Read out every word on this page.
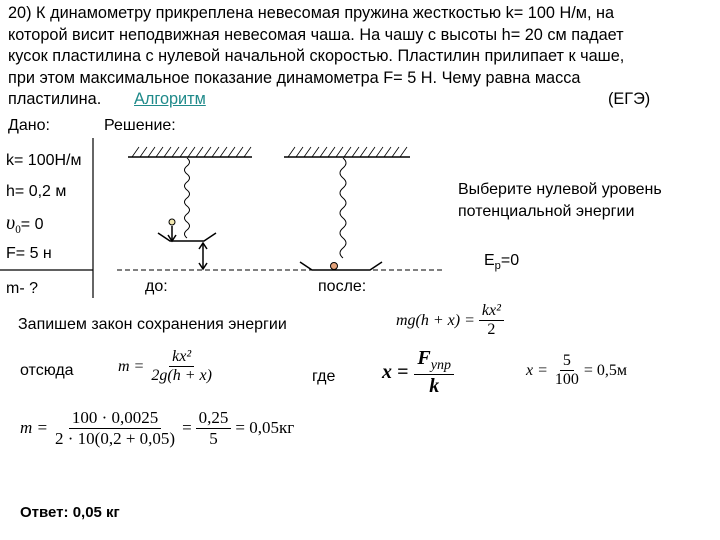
20) К динамометру прикреплена невесомая пружина жесткостью k= 100 Н/м, на
которой висит неподвижная невесомая чаша. На чашу с высоты h= 20 см падает
кусок пластилина с нулевой начальной скоростью. Пластилин прилипает к чаше,
при этом максимальное показание динамометра F= 5 Н. Чему равна масса
пластилина. Алгоритм	(ЕГЭ)
Дано:	Решение:
k= 100Н/м
h= 0,2 м
$\upsilon_0= 0$
F= 5 н
m- ?	до:	после:
Выберите нулевой уровень
потенциальной энергии
$E_р=0$
Запишем закон сохранения энергии	$mg(h + x) = \frac{\text{kx²}}{2}$
отсюда	$m = \frac{\text{kx²}}{2g(h + x)}$	где $x = \frac{F_{упр}}{k}$	$x = \frac{5}{100} = 0,5м$
$m = \frac{100 \cdot 0,0025}{2 \cdot 10(0,2 + 0,05)} = \frac{0,25}{5} = 0,05кг$
Ответ: 0,05 кг
